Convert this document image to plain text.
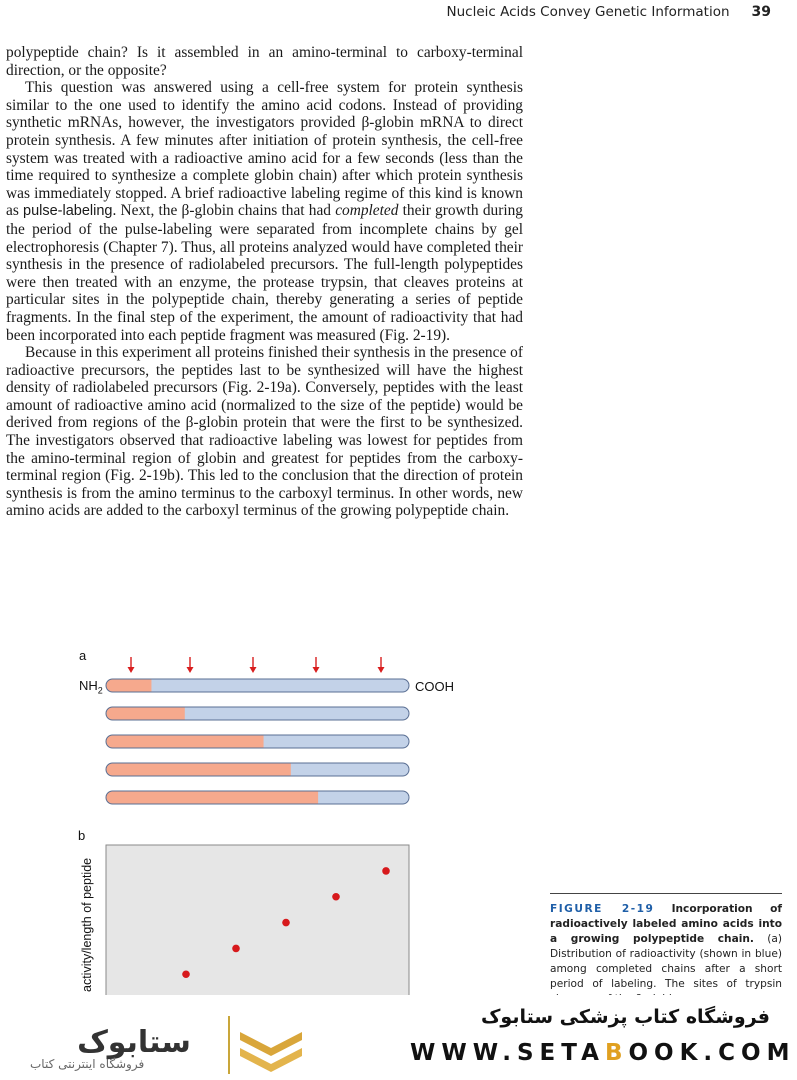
Nucleic Acids Convey Genetic Information 39

polypeptide chain? Is it assembled in an amino-terminal to carboxy-terminal direction, or the opposite?

This question was answered using a cell-free system for protein synthesis similar to the one used to identify the amino acid codons. Instead of providing synthetic mRNAs, however, the investigators provided β-globin mRNA to direct protein synthesis. A few minutes after initiation of protein synthesis, the cell-free system was treated with a radioactive amino acid for a few seconds (less than the time required to synthesize a complete globin chain) after which protein synthesis was immediately stopped. A brief radioactive labeling regime of this kind is known as pulse-labeling. Next, the β-globin chains that had completed their growth during the period of the pulse-labeling were separated from incomplete chains by gel electrophoresis (Chapter 7). Thus, all proteins analyzed would have completed their synthesis in the presence of radiolabeled precursors. The full-length polypeptides were then treated with an enzyme, the protease trypsin, that cleaves proteins at particular sites in the polypeptide chain, thereby generating a series of peptide fragments. In the final step of the experiment, the amount of radioactivity that had been incorporated into each peptide fragment was measured (Fig. 2-19).

Because in this experiment all proteins finished their synthesis in the presence of radioactive precursors, the peptides last to be synthesized will have the highest density of radiolabeled precursors (Fig. 2-19a). Conversely, peptides with the least amount of radioactive amino acid (normalized to the size of the peptide) would be derived from regions of the β-globin protein that were the first to be synthesized. The investigators observed that radioactive labeling was lowest for peptides from the amino-terminal region of globin and greatest for peptides from the carboxy-terminal region (Fig. 2-19b). This led to the conclusion that the direction of protein synthesis is from the amino terminus to the carboxyl terminus. In other words, new amino acids are added to the carboxyl terminus of the growing polypeptide chain.

a
b
$NH_2$	COOH
activity/length of peptide	FIGURE 2-19 Incorporation of radioactively labeled amino acids into a growing polypeptide chain. (a) Distribution of radioactivity (shown in blue) among completed chains after a short period of labeling. The sites of trypsin
ستابوک
فروشگاه اینترنتی کتاب
فروشگاه کتاب پزشکی ستابوک
WWW.SETABOOK.COM
